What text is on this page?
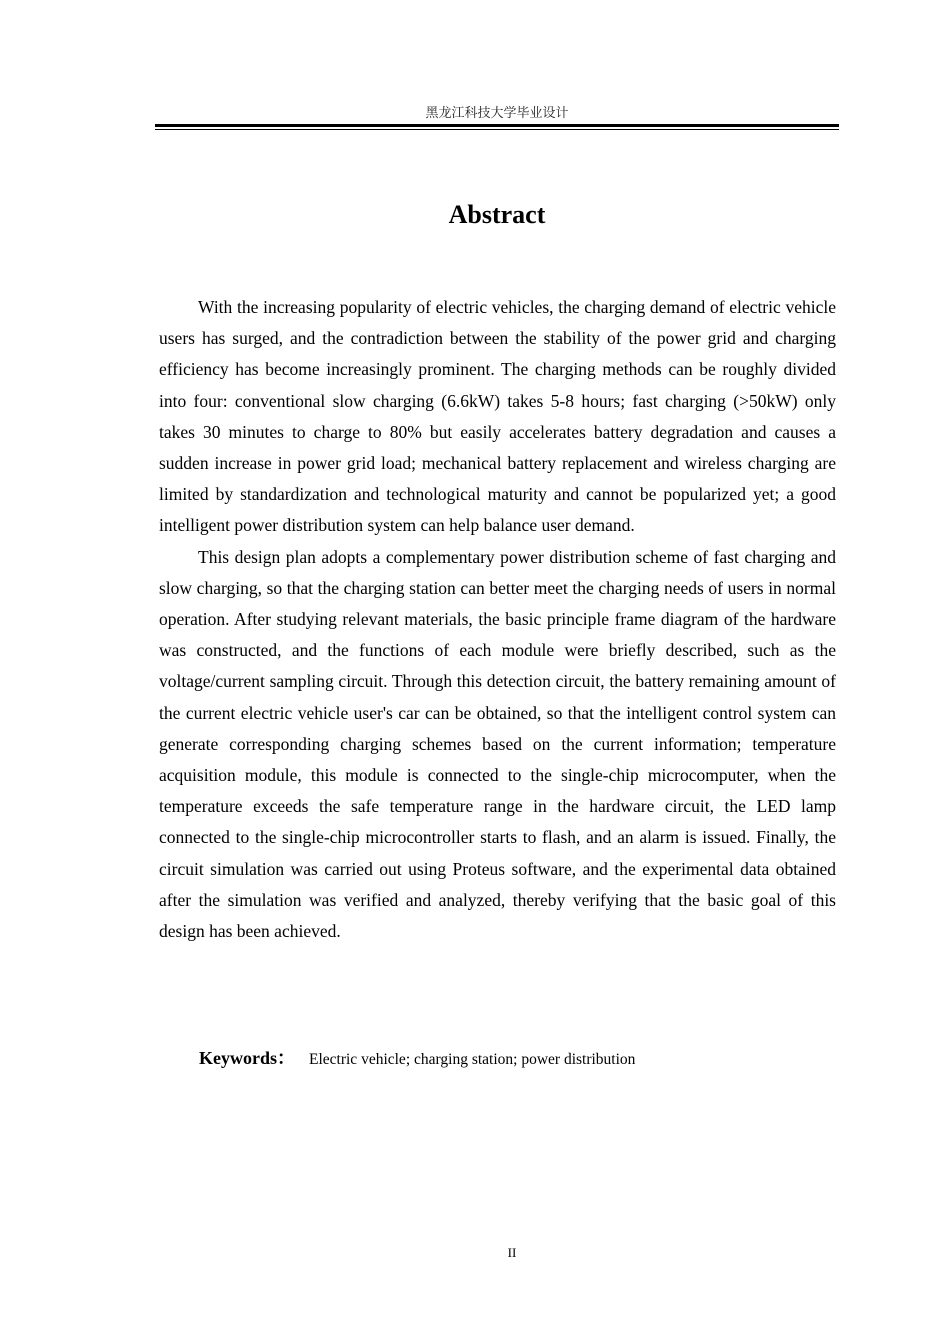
黑龙江科技大学毕业设计
Abstract

With the increasing popularity of electric vehicles, the charging demand of electric vehicle users has surged, and the contradiction between the stability of the power grid and charging efficiency has become increasingly prominent. The charging methods can be roughly divided into four: conventional slow charging (6.6kW) takes 5-8 hours; fast charging (>50kW) only takes 30 minutes to charge to 80% but easily accelerates battery degradation and causes a sudden increase in power grid load; mechanical battery replacement and wireless charging are limited by standardization and technological maturity and cannot be popularized yet; a good intelligent power distribution system can help balance user demand.

This design plan adopts a complementary power distribution scheme of fast charging and slow charging, so that the charging station can better meet the charging needs of users in normal operation. After studying relevant materials, the basic principle frame diagram of the hardware was constructed, and the functions of each module were briefly described, such as the voltage/current sampling circuit. Through this detection circuit, the battery remaining amount of the current electric vehicle user's car can be obtained, so that the intelligent control system can generate corresponding charging schemes based on the current information; temperature acquisition module, this module is connected to the single-chip microcomputer, when the temperature exceeds the safe temperature range in the hardware circuit, the LED lamp connected to the single-chip microcontroller starts to flash, and an alarm is issued. Finally, the circuit simulation was carried out using Proteus software, and the experimental data obtained after the simulation was verified and analyzed, thereby verifying that the basic goal of this design has been achieved.

Keywords： Electric vehicle; charging station; power distribution
II
